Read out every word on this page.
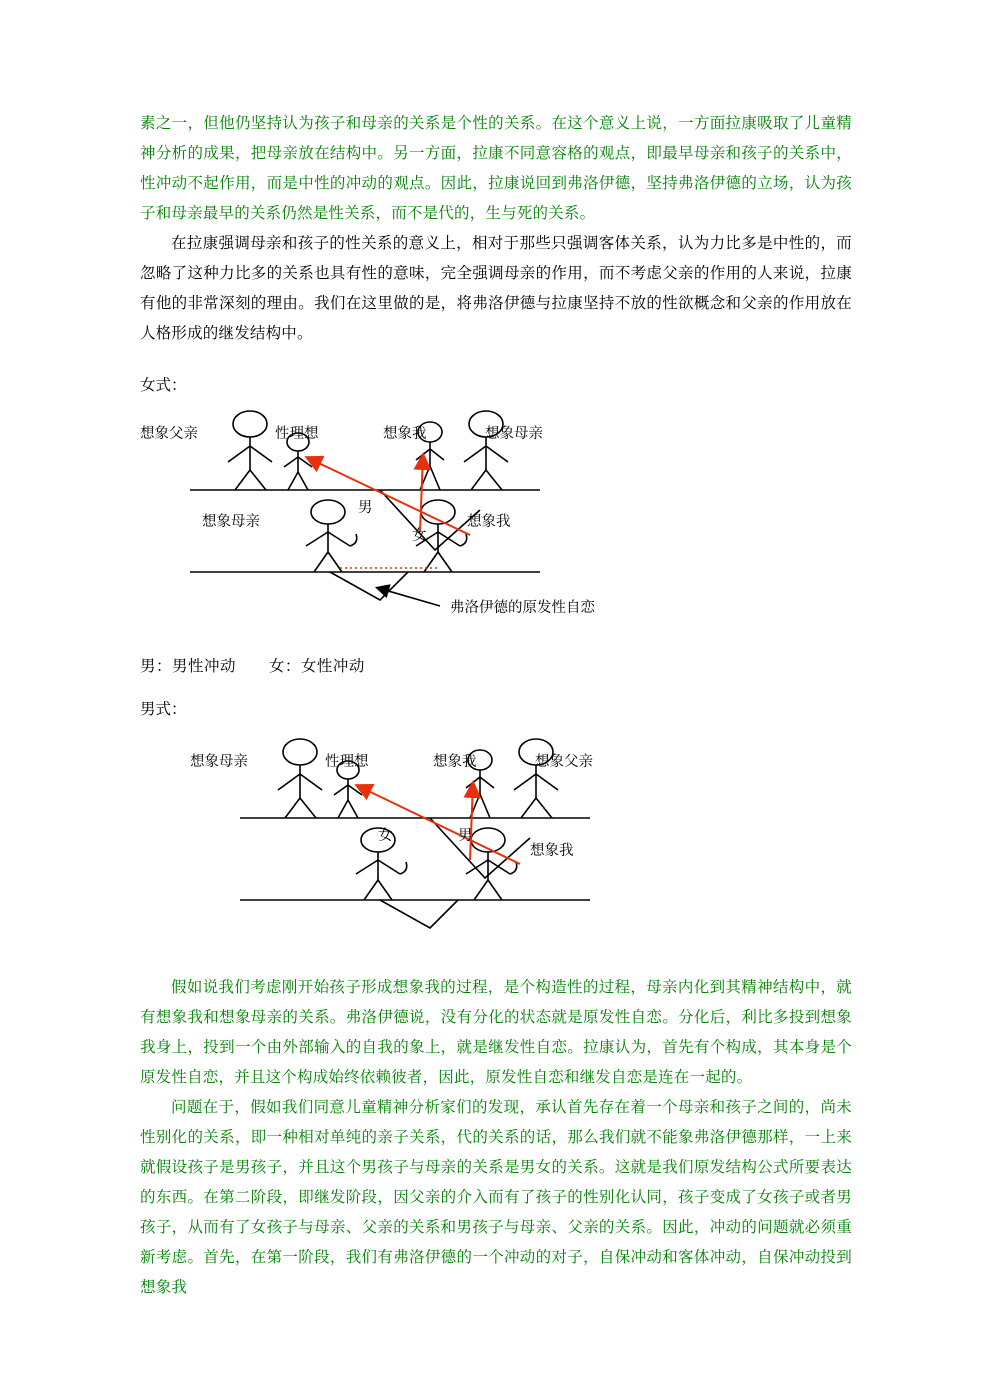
素之一，但他仍坚持认为孩子和母亲的关系是个性的关系。在这个意义上说，一方面拉康吸取了儿童精神分析的成果，把母亲放在结构中。另一方面，拉康不同意容格的观点，即最早母亲和孩子的关系中，性冲动不起作用，而是中性的冲动的观点。因此，拉康说回到弗洛伊德，坚持弗洛伊德的立场，认为孩子和母亲最早的关系仍然是性关系，而不是代的，生与死的关系。

在拉康强调母亲和孩子的性关系的意义上，相对于那些只强调客体关系，认为力比多是中性的，而忽略了这种力比多的关系也具有性的意味，完全强调母亲的作用，而不考虑父亲的作用的人来说，拉康有他的非常深刻的理由。我们在这里做的是，将弗洛伊德与拉康坚持不放的性欲概念和父亲的作用放在人格形成的继发结构中。

女式：

想象父亲	性理想	想象我	想象母亲
想象母亲	想象我
男
女
弗洛伊德的原发性自恋

男：男性冲动 女：女性冲动

男式：

想象母亲	性理想	想象我	想象父亲
女	男
想象我

假如说我们考虑刚开始孩子形成想象我的过程，是个构造性的过程，母亲内化到其精神结构中，就有想象我和想象母亲的关系。弗洛伊德说，没有分化的状态就是原发性自恋。分化后，利比多投到想象我身上，投到一个由外部输入的自我的象上，就是继发性自恋。拉康认为，首先有个构成，其本身是个原发性自恋，并且这个构成始终依赖彼者，因此，原发性自恋和继发自恋是连在一起的。

问题在于，假如我们同意儿童精神分析家们的发现，承认首先存在着一个母亲和孩子之间的，尚未性别化的关系，即一种相对单纯的亲子关系，代的关系的话，那么我们就不能象弗洛伊德那样，一上来就假设孩子是男孩子，并且这个男孩子与母亲的关系是男女的关系。这就是我们原发结构公式所要表达的东西。在第二阶段，即继发阶段，因父亲的介入而有了孩子的性别化认同，孩子变成了女孩子或者男孩子，从而有了女孩子与母亲、父亲的关系和男孩子与母亲、父亲的关系。因此，冲动的问题就必须重新考虑。首先，在第一阶段，我们有弗洛伊德的一个冲动的对子，自保冲动和客体冲动，自保冲动投到想象我
